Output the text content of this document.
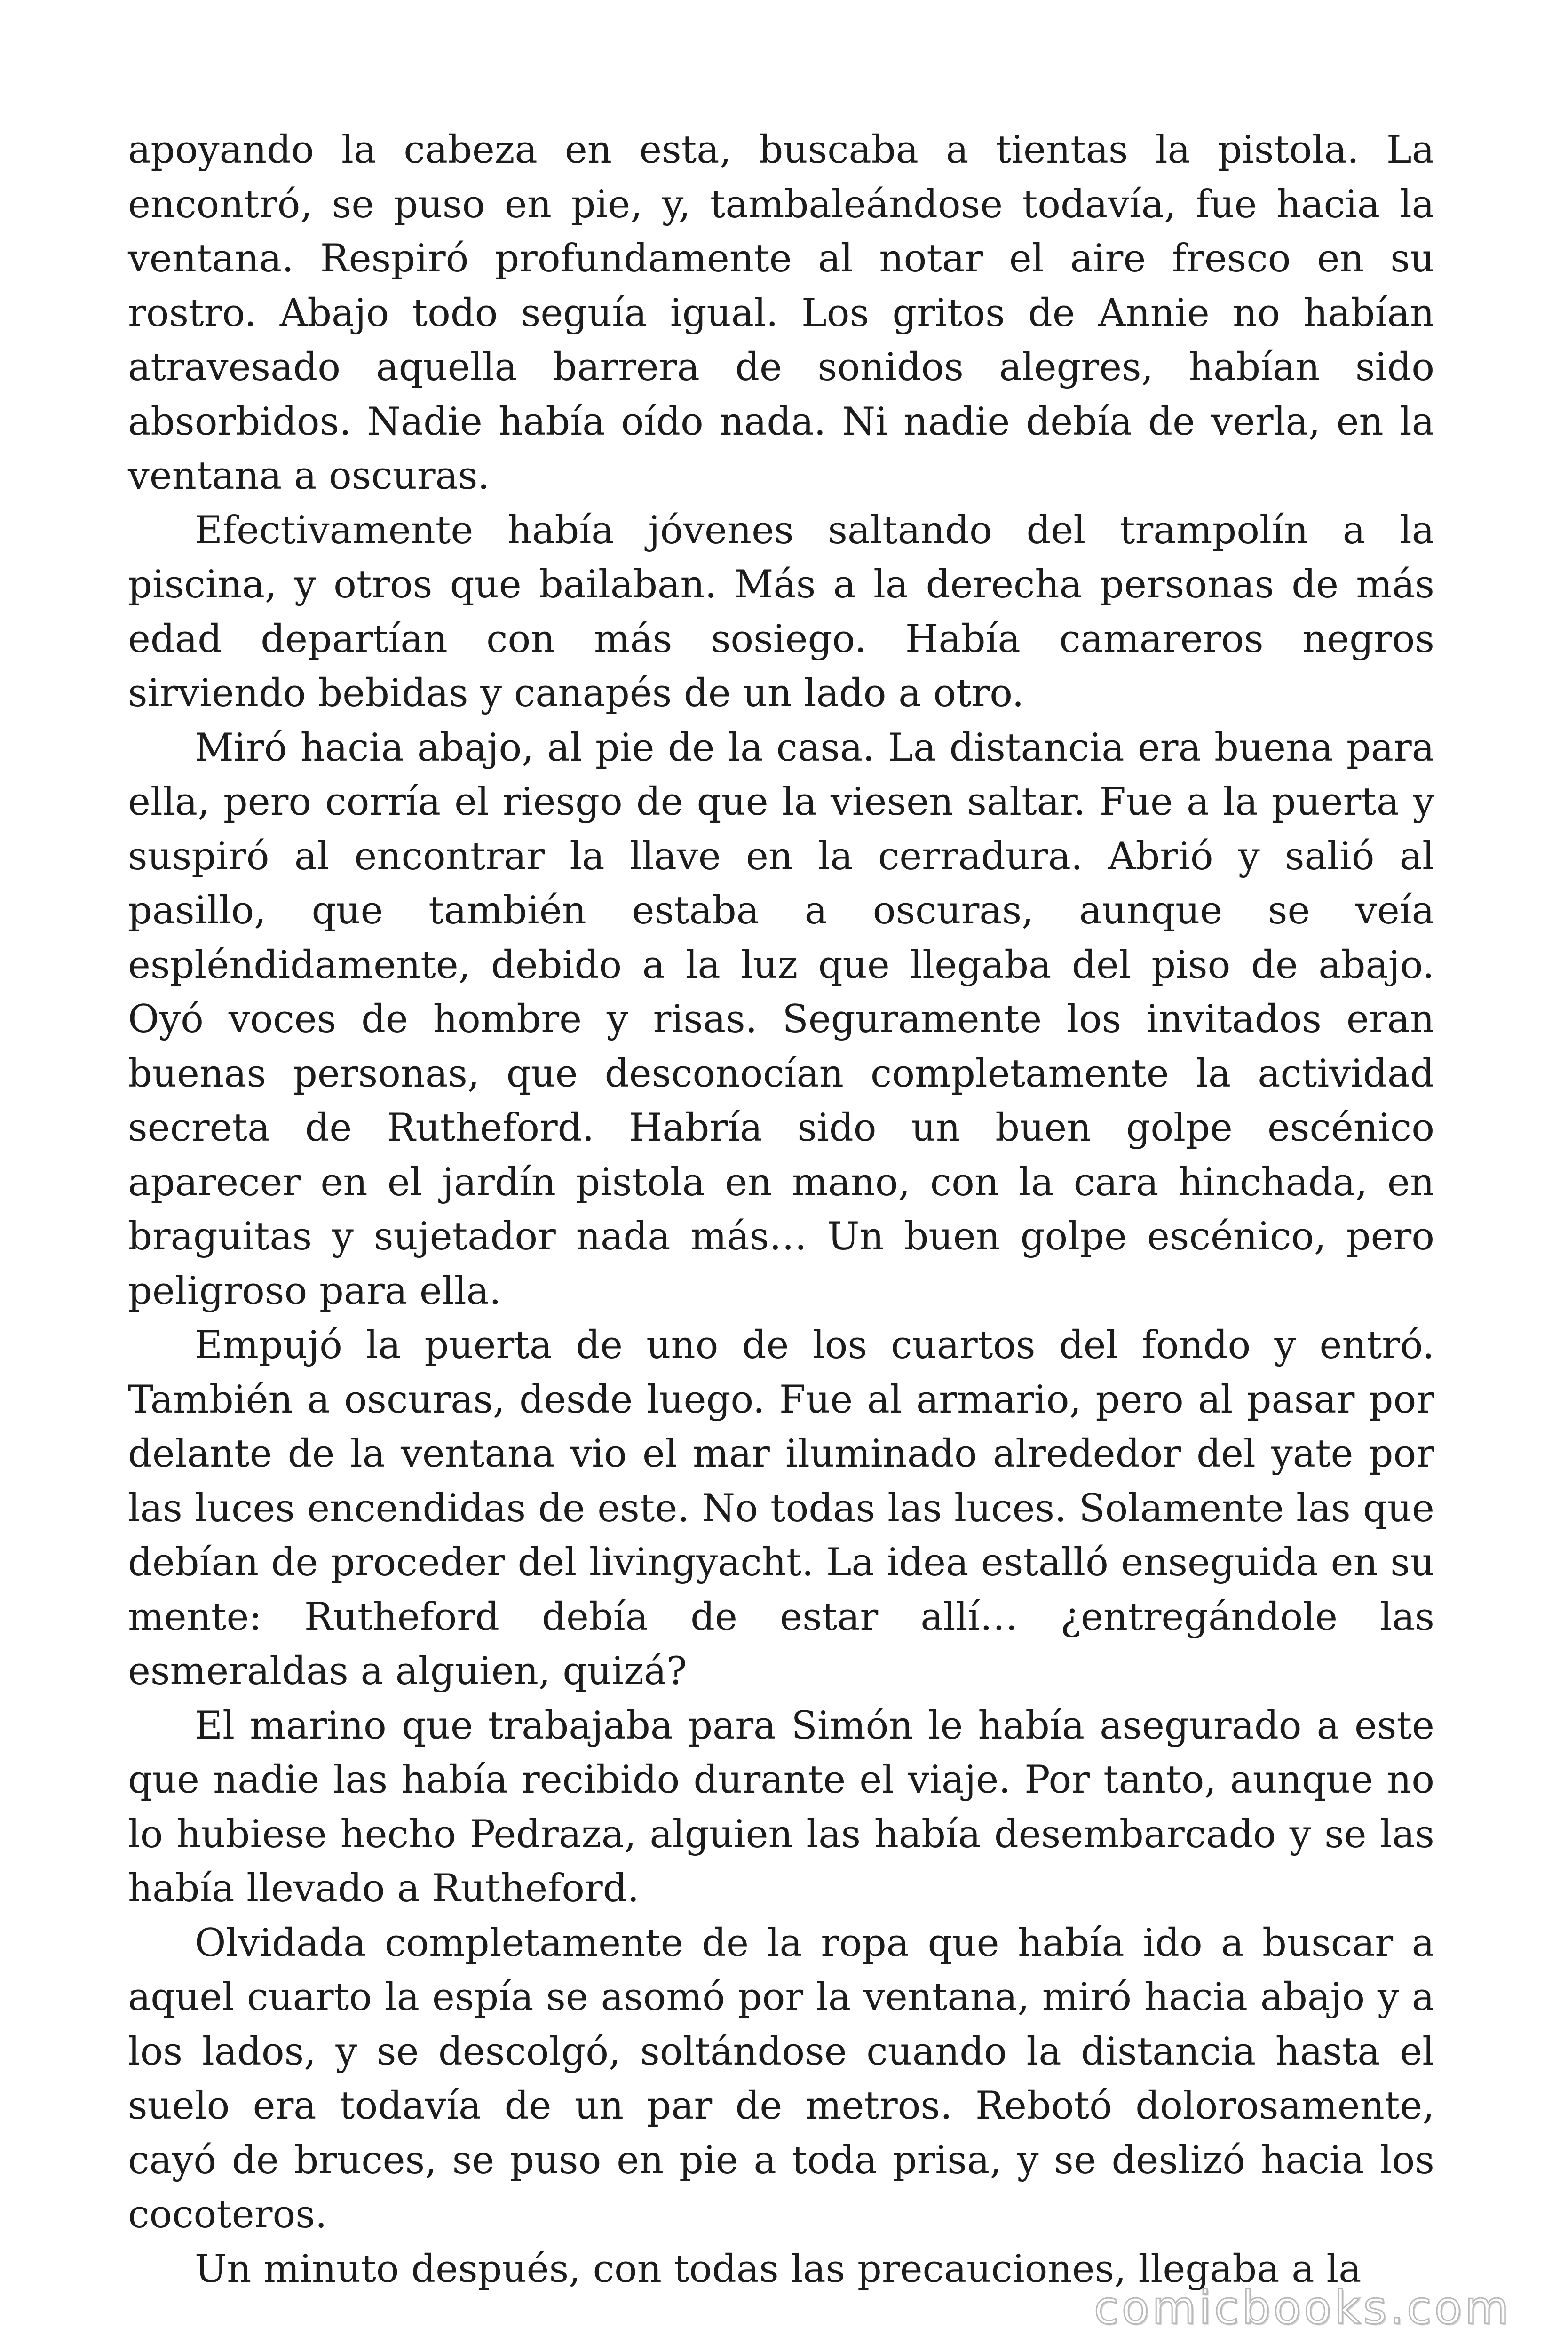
apoyando la cabeza en esta, buscaba a tientas la pistola. La encontró, se puso en pie, y, tambaleándose todavía, fue hacia la ventana. Respiró profundamente al notar el aire fresco en su rostro. Abajo todo seguía igual. Los gritos de Annie no habían atravesado aquella barrera de sonidos alegres, habían sido absorbidos. Nadie había oído nada. Ni nadie debía de verla, en la ventana a oscuras.

Efectivamente había jóvenes saltando del trampolín a la piscina, y otros que bailaban. Más a la derecha personas de más edad departían con más sosiego. Había camareros negros sirviendo bebidas y canapés de un lado a otro.

Miró hacia abajo, al pie de la casa. La distancia era buena para ella, pero corría el riesgo de que la viesen saltar. Fue a la puerta y suspiró al encontrar la llave en la cerradura. Abrió y salió al pasillo, que también estaba a oscuras, aunque se veía espléndidamente, debido a la luz que llegaba del piso de abajo. Oyó voces de hombre y risas. Seguramente los invitados eran buenas personas, que desconocían completamente la actividad secreta de Rutheford. Habría sido un buen golpe escénico aparecer en el jardín pistola en mano, con la cara hinchada, en braguitas y sujetador nada más… Un buen golpe escénico, pero peligroso para ella.

Empujó la puerta de uno de los cuartos del fondo y entró. También a oscuras, desde luego. Fue al armario, pero al pasar por delante de la ventana vio el mar iluminado alrededor del yate por las luces encendidas de este. No todas las luces. Solamente las que debían de proceder del livingyacht. La idea estalló enseguida en su mente: Rutheford debía de estar allí… ¿entregándole las esmeraldas a alguien, quizá?

El marino que trabajaba para Simón le había asegurado a este que nadie las había recibido durante el viaje. Por tanto, aunque no lo hubiese hecho Pedraza, alguien las había desembarcado y se las había llevado a Rutheford.

Olvidada completamente de la ropa que había ido a buscar a aquel cuarto la espía se asomó por la ventana, miró hacia abajo y a los lados, y se descolgó, soltándose cuando la distancia hasta el suelo era todavía de un par de metros. Rebotó dolorosamente, cayó de bruces, se puso en pie a toda prisa, y se deslizó hacia los cocoteros.

Un minuto después, con todas las precauciones, llegaba a la

comicbooks.com
